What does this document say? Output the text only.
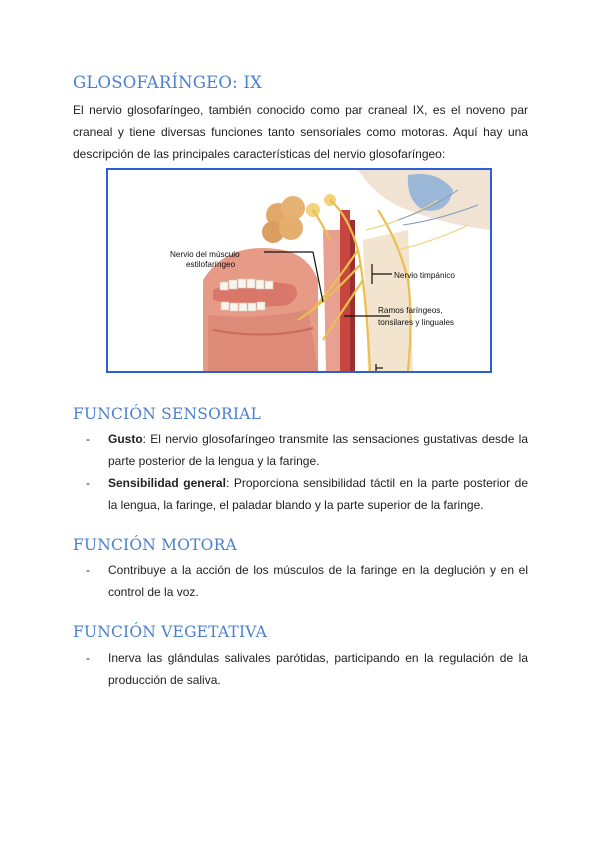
GLOSOFARÍNGEO: IX

El nervio glosofaríngeo, también conocido como par craneal IX, es el noveno par craneal y tiene diversas funciones tanto sensoriales como motoras. Aquí hay una descripción de las principales características del nervio glosofaríngeo:

Nervio del músculo
estilofaríngeo
Nervio timpánico
Ramos faríngeos,
tonsilares y linguales
FUNCIÓN SENSORIAL
- Gusto: El nervio glosofaríngeo transmite las sensaciones gustativas desde la parte posterior de la lengua y la faringe.
- Sensibilidad general: Proporciona sensibilidad táctil en la parte posterior de la lengua, la faringe, el paladar blando y la parte superior de la faringe.
FUNCIÓN MOTORA
- Contribuye a la acción de los músculos de la faringe en la deglución y en el control de la voz.
FUNCIÓN VEGETATIVA
- Inerva las glándulas salivales parótidas, participando en la regulación de la producción de saliva.
